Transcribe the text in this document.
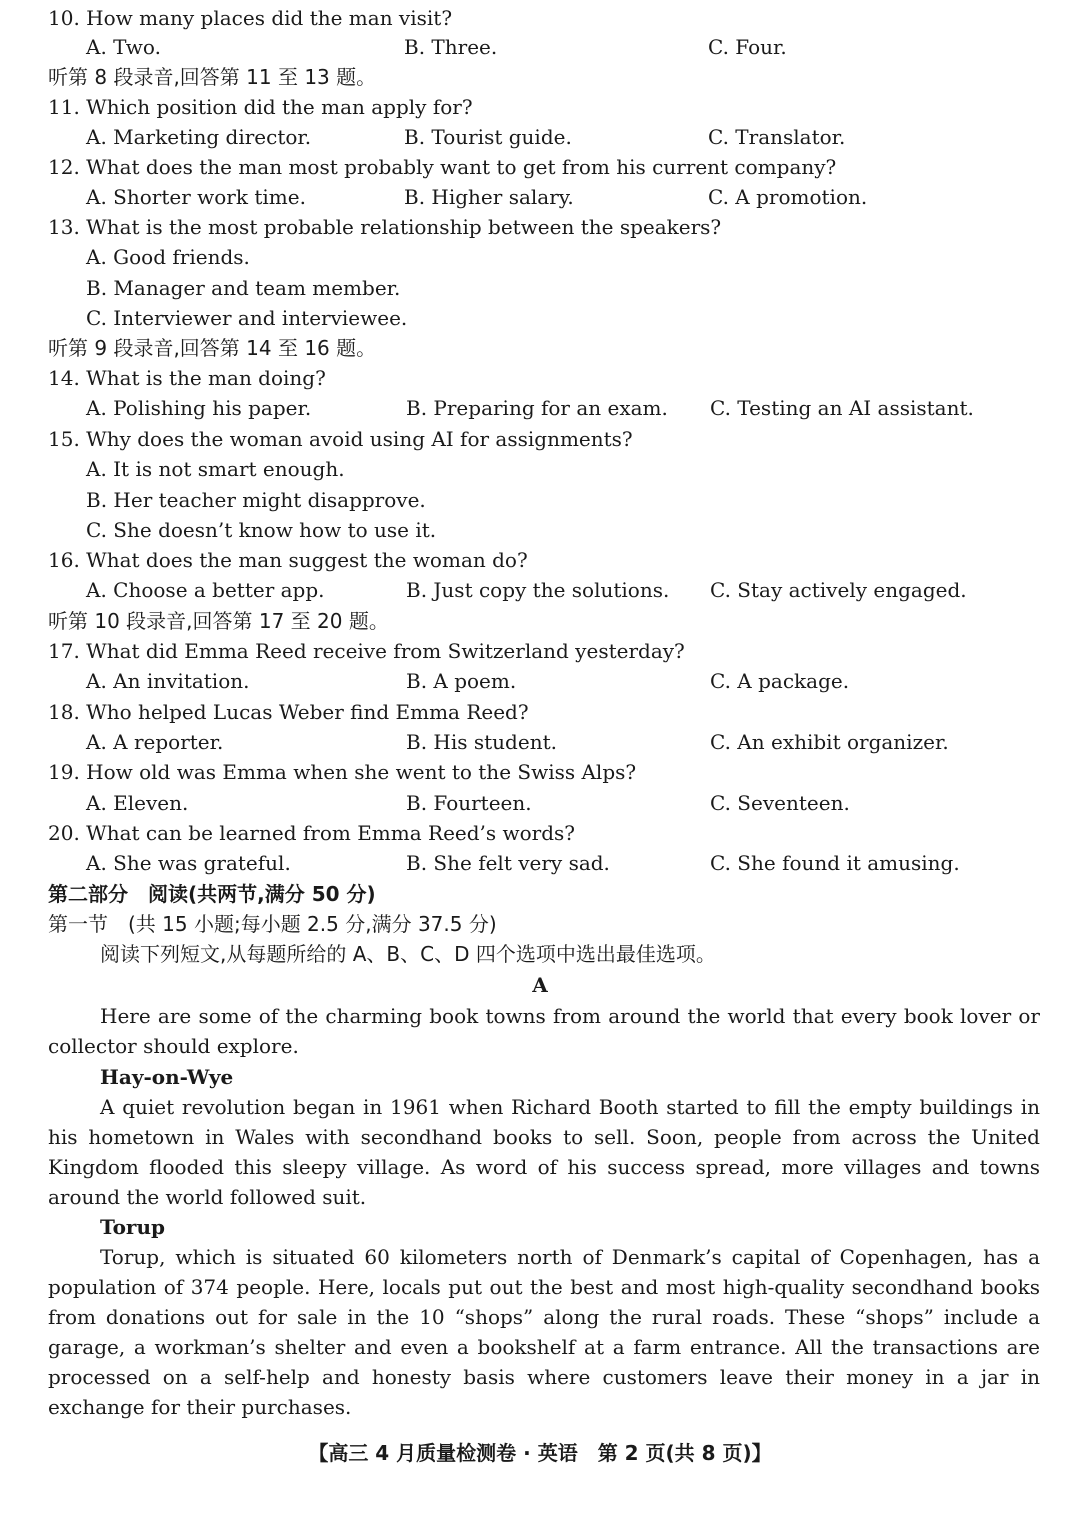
10. How many places did the man visit?
A. Two.	B. Three.	C. Four.
听第 8 段录音,回答第 11 至 13 题。
11. Which position did the man apply for?
A. Marketing director.	B. Tourist guide.	C. Translator.
12. What does the man most probably want to get from his current company?
A. Shorter work time.	B. Higher salary.	C. A promotion.
13. What is the most probable relationship between the speakers?
A. Good friends.
B. Manager and team member.
C. Interviewer and interviewee.
听第 9 段录音,回答第 14 至 16 题。
14. What is the man doing?
A. Polishing his paper.	B. Preparing for an exam. C. Testing an AI assistant.
15. Why does the woman avoid using AI for assignments?
A. It is not smart enough.
B. Her teacher might disapprove.
C. She doesn’t know how to use it.
16. What does the man suggest the woman do?
A. Choose a better app.	B. Just copy the solutions. C. Stay actively engaged.
听第 10 段录音,回答第 17 至 20 题。
17. What did Emma Reed receive from Switzerland yesterday?
A. An invitation.	B. A poem.	C. A package.
18. Who helped Lucas Weber find Emma Reed?
A. A reporter.	B. His student.	C. An exhibit organizer.
19. How old was Emma when she went to the Swiss Alps?
A. Eleven.	B. Fourteen.	C. Seventeen.
20. What can be learned from Emma Reed’s words?
A. She was grateful.	B. She felt very sad.	C. She found it amusing.
第二部分　阅读(共两节,满分 50 分)
第一节　(共 15 小题;每小题 2.5 分,满分 37.5 分)
阅读下列短文,从每题所给的 A、B、C、D 四个选项中选出最佳选项。
A
Here are some of the charming book towns from around the world that every book lover or collector should explore.
Hay-on-Wye
A quiet revolution began in 1961 when Richard Booth started to fill the empty buildings in his hometown in Wales with secondhand books to sell. Soon, people from across the United Kingdom flooded this sleepy village. As word of his success spread, more villages and towns around the world followed suit.
Torup
Torup, which is situated 60 kilometers north of Denmark’s capital of Copenhagen, has a population of 374 people. Here, locals put out the best and most high-quality secondhand books from donations out for sale in the 10 “shops” along the rural roads. These “shops” include a garage, a workman’s shelter and even a bookshelf at a farm entrance. All the transactions are processed on a self-help and honesty basis where customers leave their money in a jar in exchange for their purchases.
【高三 4 月质量检测卷 · 英语　第 2 页(共 8 页)】
